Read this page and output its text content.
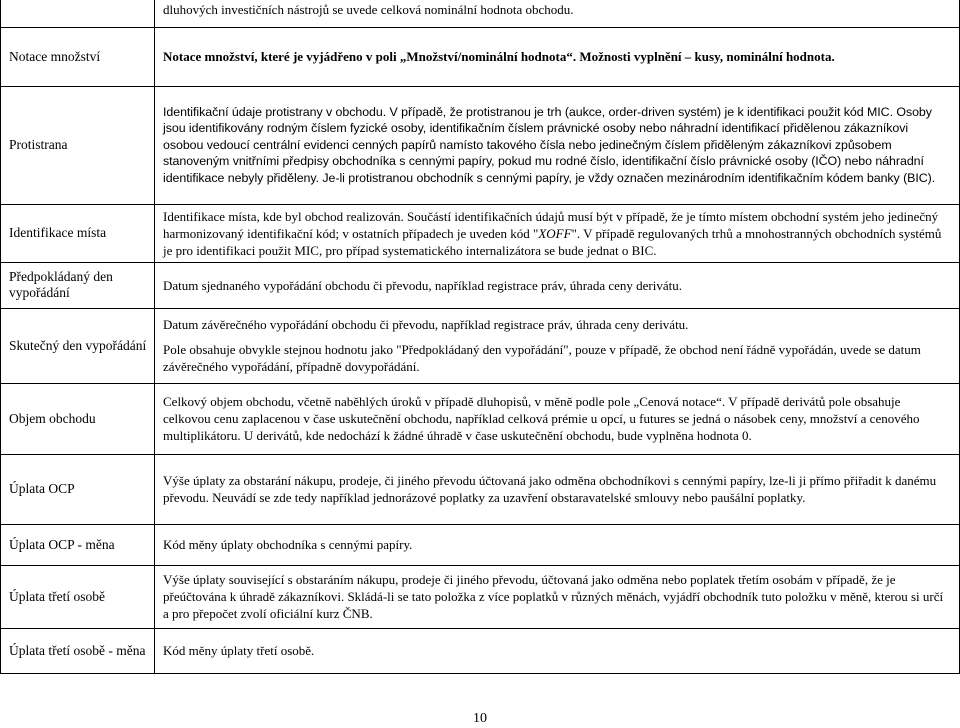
	dluhových investičních nástrojů se uvede celková nominální hodnota obchodu.
Notace množství	Notace množství, které je vyjádřeno v poli „Množství/nominální hodnota“. Možnosti vyplnění – kusy, nominální hodnota.
Protistrana	Identifikační údaje protistrany v obchodu. V případě, že protistranou je trh (aukce, order-driven systém) je k identifikaci použit kód MIC. Osoby jsou identifikovány rodným číslem fyzické osoby, identifikačním číslem právnické osoby nebo náhradní identifikací přidělenou zákazníkovi osobou vedoucí centrální evidenci cenných papírů namísto takového čísla nebo jedinečným číslem přiděleným zákazníkovi způsobem stanoveným vnitřními předpisy obchodníka s cennými papíry, pokud mu rodné číslo, identifikační číslo právnické osoby (IČO) nebo náhradní identifikace nebyly přiděleny. Je-li protistranou obchodník s cennými papíry, je vždy označen mezinárodním identifikačním kódem banky (BIC).
Identifikace místa	Identifikace místa, kde byl obchod realizován. Součástí identifikačních údajů musí být v případě, že je tímto místem obchodní systém jeho jedinečný harmonizovaný identifikační kód; v ostatních případech je uveden kód "XOFF". V případě regulovaných trhů a mnohostranných obchodních systémů je pro identifikaci použit MIC, pro případ systematického internalizátora se bude jednat o BIC.
Předpokládaný den vypořádání	Datum sjednaného vypořádání obchodu či převodu, například registrace práv, úhrada ceny derivátu.
Skutečný den vypořádání	Datum závěrečného vypořádání obchodu či převodu, například registrace práv, úhrada ceny derivátu.

Pole obsahuje obvykle stejnou hodnotu jako "Předpokládaný den vypořádání", pouze v případě, že obchod není řádně vypořádán, uvede se datum závěrečného vypořádání, případně dovypořádání.

Objem obchodu	Celkový objem obchodu, včetně naběhlých úroků v případě dluhopisů, v měně podle pole „Cenová notace“. V případě derivátů pole obsahuje celkovou cenu zaplacenou v čase uskutečnění obchodu, například celková prémie u opcí, u futures se jedná o násobek ceny, množství a cenového multiplikátoru. U derivátů, kde nedochází k žádné úhradě v čase uskutečnění obchodu, bude vyplněna hodnota 0.
Úplata OCP	Výše úplaty za obstarání nákupu, prodeje, či jiného převodu účtovaná jako odměna obchodníkovi s cennými papíry, lze-li ji přímo přiřadit k danému převodu. Neuvádí se zde tedy například jednorázové poplatky za uzavření obstaravatelské smlouvy nebo paušální poplatky.
Úplata OCP - měna	Kód měny úplaty obchodníka s cennými papíry.
Úplata třetí osobě	Výše úplaty související s obstaráním nákupu, prodeje či jiného převodu, účtovaná jako odměna nebo poplatek třetím osobám v případě, že je přeúčtována k úhradě zákazníkovi. Skládá-li se tato položka z více poplatků v různých měnách, vyjádří obchodník tuto položku v měně, kterou si určí a pro přepočet zvolí oficiální kurz ČNB.
Úplata třetí osobě - měna	Kód měny úplaty třetí osobě.
10
